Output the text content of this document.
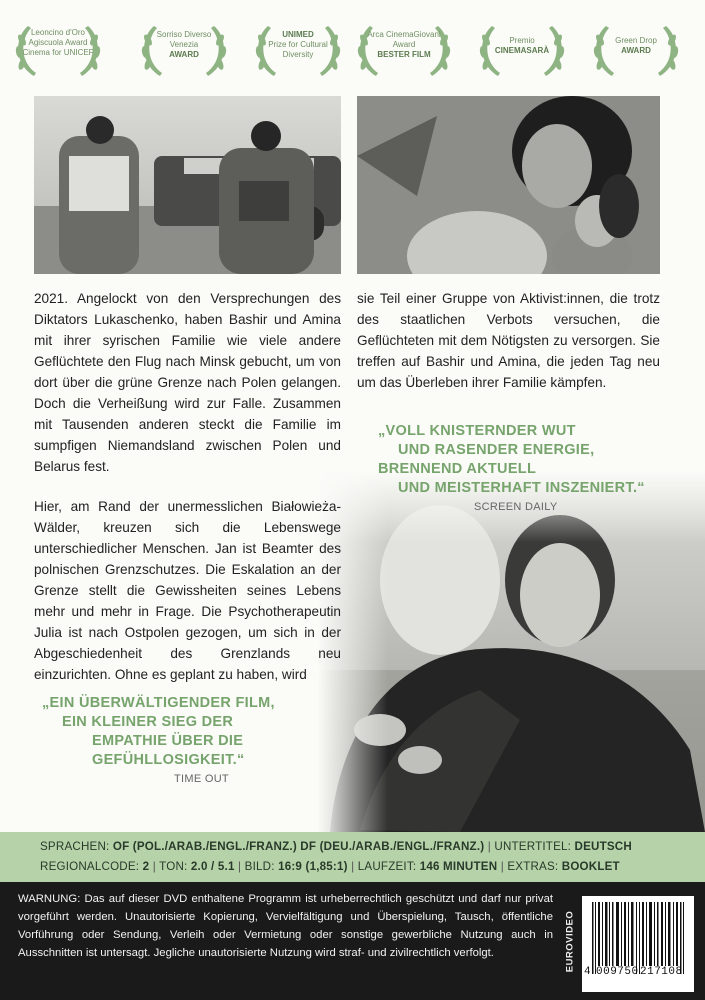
Leoncino d'Oro
Agiscuola Award
Cinema for UNICEF
Sorriso Diverso
Venezia
AWARD
UNIMED
Prize for Cultural
Diversity
Arca CinemaGiovani
Award
BESTER FILM
Premio
CINEMASARÀ
Green Drop
AWARD

2021. Angelockt von den Versprechungen des Diktators Lukaschenko, haben Bashir und Amina mit ihrer syrischen Familie wie viele andere Geflüchtete den Flug nach Minsk gebucht, um von dort über die grüne Grenze nach Polen gelangen. Doch die Verheißung wird zur Falle. Zusammen mit Tausenden anderen steckt die Familie im sumpfigen Niemandsland zwischen Polen und Belarus fest.

Hier, am Rand der unermesslichen Białowieża-Wälder, kreuzen sich die Lebenswege unterschiedlicher Menschen. Jan ist Beamter des polnischen Grenzschutzes. Die Eskalation an der Grenze stellt die Gewissheiten seines Lebens mehr und mehr in Frage. Die Psychotherapeutin Julia ist nach Ostpolen gezogen, um sich in der Abgeschiedenheit des Grenzlands neu einzurichten. Ohne es geplant zu haben, wird

sie Teil einer Gruppe von Aktivist:innen, die trotz des staatlichen Verbots versuchen, die Geflüchteten mit dem Nötigsten zu versorgen. Sie treffen auf Bashir und Amina, die jeden Tag neu um das Überleben ihrer Familie kämpfen.

„VOLL KNISTERNDER WUT
UND RASENDER ENERGIE,
BRENNEND AKTUELL
UND MEISTERHAFT INSZENIERT.“
SCREEN DAILY
„EIN ÜBERWÄLTIGENDER FILM,
EIN KLEINER SIEG DER
EMPATHIE ÜBER DIE
GEFÜHLLOSIGKEIT.“
TIME OUT
SPRACHEN: OF (POL./ARAB./ENGL./FRANZ.) DF (DEU./ARAB./ENGL./FRANZ.) | UNTERTITEL: DEUTSCH
REGIONALCODE: 2 | TON: 2.0 / 5.1 | BILD: 16:9 (1,85:1) | LAUFZEIT: 146 MINUTEN | EXTRAS: BOOKLET
WARNUNG: Das auf dieser DVD enthaltene Programm ist urheberrechtlich geschützt und darf nur privat vorgeführt werden. Unautorisierte Kopierung, Vervielfältigung und Überspielung, Tausch, öffentliche Vorführung oder Sendung, Verleih oder Vermietung oder sonstige gewerbliche Nutzung auch in Ausschnitten ist untersagt. Jegliche unautorisierte Nutzung wird straf- und zivilrechtlich verfolgt.	EUROVIDEO 4 009750 217108
